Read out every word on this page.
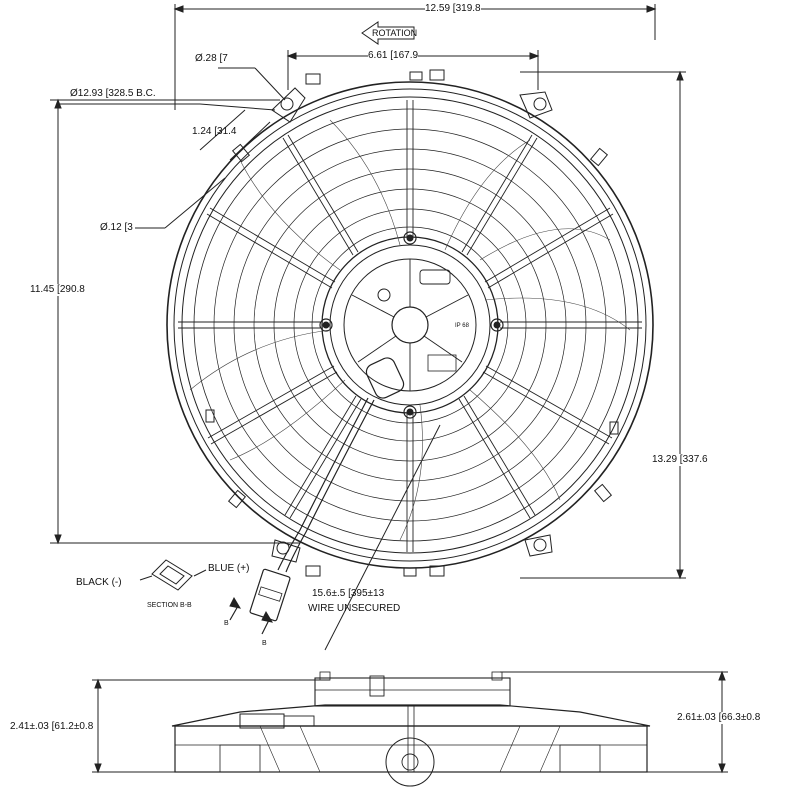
12.59 [319.8
ROTATION
6.61 [167.9
Ø.28 [7
Ø12.93 [328.5 B.C.
1.24 [31.4
Ø.12 [3
11.45 [290.8
13.29 [337.6
IP 68
BLACK (-)
BLUE (+)
SECTION B-B
B
B
15.6±.5 [395±13
WIRE UNSECURED
2.41±.03 [61.2±0.8
2.61±.03 [66.3±0.8
